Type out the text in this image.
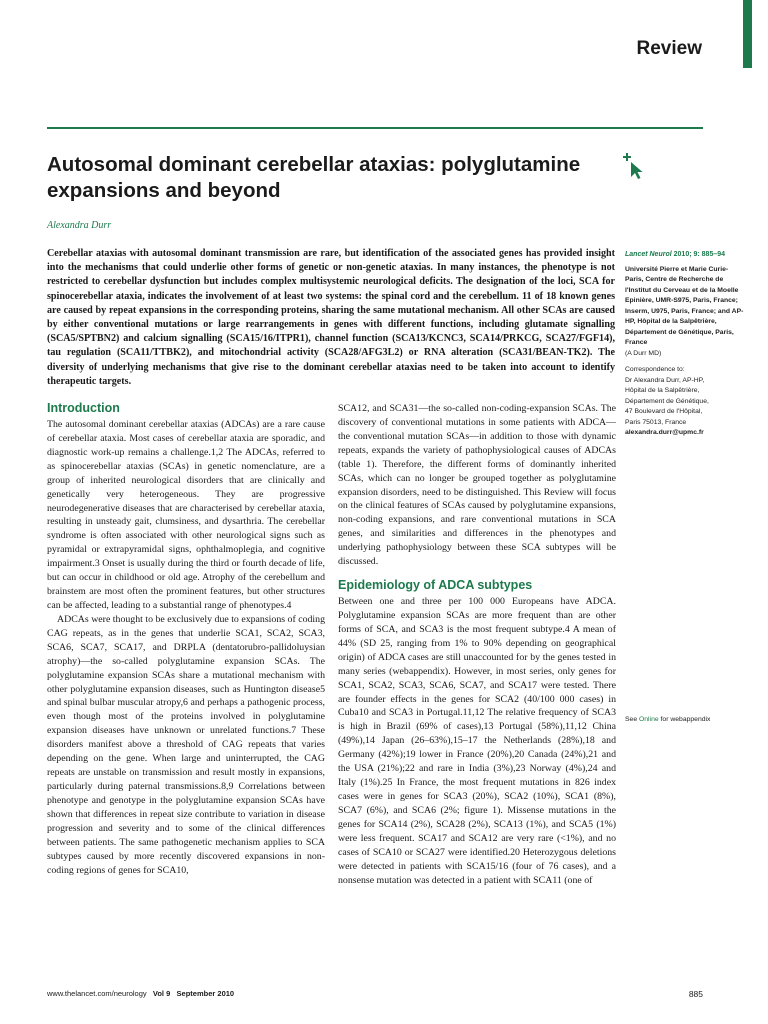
Review
Autosomal dominant cerebellar ataxias: polyglutamine expansions and beyond
Alexandra Durr
Cerebellar ataxias with autosomal dominant transmission are rare, but identification of the associated genes has provided insight into the mechanisms that could underlie other forms of genetic or non-genetic ataxias. In many instances, the phenotype is not restricted to cerebellar dysfunction but includes complex multisystemic neurological deficits. The designation of the loci, SCA for spinocerebellar ataxia, indicates the involvement of at least two systems: the spinal cord and the cerebellum. 11 of 18 known genes are caused by repeat expansions in the corresponding proteins, sharing the same mutational mechanism. All other SCAs are caused by either conventional mutations or large rearrangements in genes with different functions, including glutamate signalling (SCA5/SPTBN2) and calcium signalling (SCA15/16/ITPR1), channel function (SCA13/KCNC3, SCA14/PRKCG, SCA27/FGF14), tau regulation (SCA11/TTBK2), and mitochondrial activity (SCA28/AFG3L2) or RNA alteration (SCA31/BEAN-TK2). The diversity of underlying mechanisms that give rise to the dominant cerebellar ataxias need to be taken into account to identify therapeutic targets.
Introduction

The autosomal dominant cerebellar ataxias (ADCAs) are a rare cause of cerebellar ataxia. Most cases of cerebellar ataxia are sporadic, and diagnostic work-up remains a challenge.1,2 The ADCAs, referred to as spinocerebellar ataxias (SCAs) in genetic nomenclature, are a group of inherited neurological disorders that are clinically and genetically very heterogeneous. They are progressive neurodegenerative diseases that are characterised by cerebellar ataxia, resulting in unsteady gait, clumsiness, and dysarthria. The cerebellar syndrome is often associated with other neurological signs such as pyramidal or extrapyramidal signs, ophthalmoplegia, and cognitive impairment.3 Onset is usually during the third or fourth decade of life, but can occur in childhood or old age. Atrophy of the cerebellum and brainstem are most often the prominent features, but other structures can be affected, leading to a substantial range of phenotypes.4

ADCAs were thought to be exclusively due to expansions of coding CAG repeats, as in the genes that underlie SCA1, SCA2, SCA3, SCA6, SCA7, SCA17, and DRPLA (dentatorubro-pallidoluysian atrophy)—the so-called polyglutamine expansion SCAs. The polyglutamine expansion SCAs share a mutational mechanism with other polyglutamine expansion diseases, such as Huntington disease5 and spinal bulbar muscular atropy,6 and perhaps a pathogenic process, even though most of the proteins involved in polyglutamine expansion diseases have unknown or unrelated functions.7 These disorders manifest above a threshold of CAG repeats that varies depending on the gene. When large and uninterrupted, the CAG repeats are unstable on transmission and result mostly in expansions, particularly during paternal transmissions.8,9 Correlations between phenotype and genotype in the polyglutamine expansion SCAs have shown that differences in repeat size contribute to variation in disease progression and severity and to some of the clinical differences between patients. The same pathogenetic mechanism applies to SCA subtypes caused by more recently discovered expansions in non-coding regions of genes for SCA10,

SCA12, and SCA31—the so-called non-coding-expansion SCAs. The discovery of conventional mutations in some patients with ADCA—the conventional mutation SCAs—in addition to those with dynamic repeats, expands the variety of pathophysiological causes of ADCAs (table 1). Therefore, the different forms of dominantly inherited SCAs, which can no longer be grouped together as polyglutamine expansion disorders, need to be distinguished. This Review will focus on the clinical features of SCAs caused by polyglutamine expansions, non-coding expansions, and rare conventional mutations in SCA genes, and similarities and differences in the phenotypes and underlying pathophysiology between these SCA subtypes will be discussed.

Epidemiology of ADCA subtypes

Between one and three per 100 000 Europeans have ADCA. Polyglutamine expansion SCAs are more frequent than are other forms of SCA, and SCA3 is the most frequent subtype.4 A mean of 44% (SD 25, ranging from 1% to 90% depending on geographical origin) of ADCA cases are still unaccounted for by the genes tested in many series (webappendix). However, in most series, only genes for SCA1, SCA2, SCA3, SCA6, SCA7, and SCA17 were tested. There are founder effects in the genes for SCA2 (40/100 000 cases) in Cuba10 and SCA3 in Portugal.11,12 The relative frequency of SCA3 is high in Brazil (69% of cases),13 Portugal (58%),11,12 China (49%),14 Japan (26–63%),15–17 the Netherlands (28%),18 and Germany (42%);19 lower in France (20%),20 Canada (24%),21 and the USA (21%);22 and rare in India (3%),23 Norway (4%),24 and Italy (1%).25 In France, the most frequent mutations in 826 index cases were in genes for SCA3 (20%), SCA2 (10%), SCA1 (8%), SCA7 (6%), and SCA6 (2%; figure 1). Missense mutations in the genes for SCA14 (2%), SCA28 (2%), SCA13 (1%), and SCA5 (1%) were less frequent. SCA17 and SCA12 are very rare (<1%), and no cases of SCA10 or SCA27 were identified.20 Heterozygous deletions were detected in patients with SCA15/16 (four of 76 cases), and a nonsense mutation was detected in a patient with SCA11 (one of

Lancet Neurol 2010; 9: 885–94
Université Pierre et Marie Curie-Paris, Centre de Recherche de l'Institut du Cerveau et de la Moelle Epinière, UMR-S975, Paris, France; Inserm, U975, Paris, France; and AP-HP, Hôpital de la Salpêtrière, Département de Génétique, Paris, France
(A Durr MD)
Correspondence to:
Dr Alexandra Durr, AP-HP,
Hôpital de la Salpêtrière,
Département de Génétique,
47 Boulevard de l'Hôpital,
Paris 75013, France
alexandra.durr@upmc.fr
See Online for webappendix
www.thelancet.com/neurology Vol 9 September 2010	885
